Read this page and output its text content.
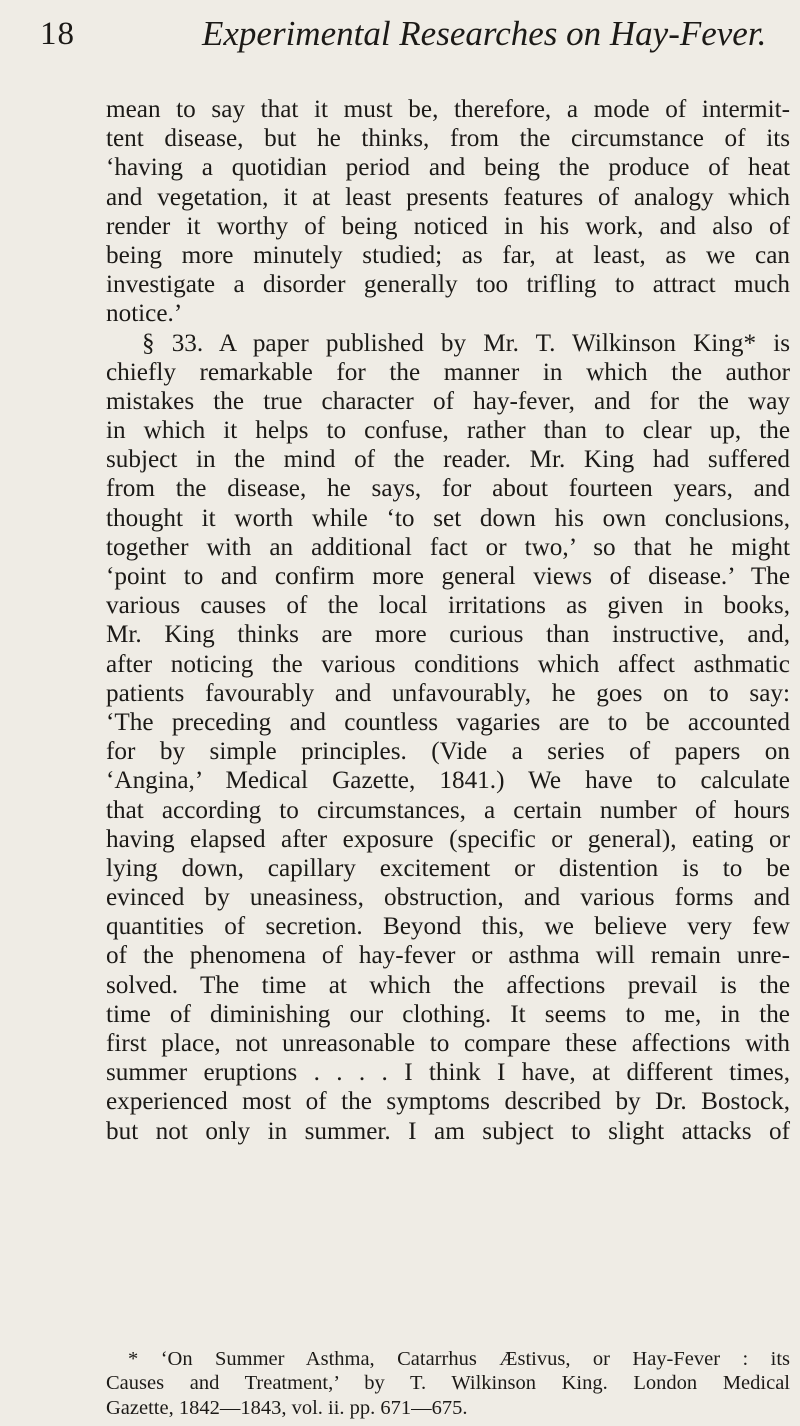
18	Experimental Researches on Hay-Fever.
mean to say that it must be, therefore, a mode of intermit-
tent disease, but he thinks, from the circumstance of its
‘having a quotidian period and being the produce of heat
and vegetation, it at least presents features of analogy which
render it worthy of being noticed in his work, and also of
being more minutely studied; as far, at least, as we can
investigate a disorder generally too trifling to attract much
notice.’
§ 33. A paper published by Mr. T. Wilkinson King* is
chiefly remarkable for the manner in which the author
mistakes the true character of hay-fever, and for the way
in which it helps to confuse, rather than to clear up, the
subject in the mind of the reader. Mr. King had suffered
from the disease, he says, for about fourteen years, and
thought it worth while ‘to set down his own conclusions,
together with an additional fact or two,’ so that he might
‘point to and confirm more general views of disease.’ The
various causes of the local irritations as given in books,
Mr. King thinks are more curious than instructive, and,
after noticing the various conditions which affect asthmatic
patients favourably and unfavourably, he goes on to say:
‘The preceding and countless vagaries are to be accounted
for by simple principles. (Vide a series of papers on
‘Angina,’ Medical Gazette, 1841.) We have to calculate
that according to circumstances, a certain number of hours
having elapsed after exposure (specific or general), eating or
lying down, capillary excitement or distention is to be
evinced by uneasiness, obstruction, and various forms and
quantities of secretion. Beyond this, we believe very few
of the phenomena of hay-fever or asthma will remain unre-
solved. The time at which the affections prevail is the
time of diminishing our clothing. It seems to me, in the
first place, not unreasonable to compare these affections with
summer eruptions . . . . I think I have, at different times,
experienced most of the symptoms described by Dr. Bostock,
but not only in summer. I am subject to slight attacks of
* ‘On Summer Asthma, Catarrhus Æstivus, or Hay-Fever : its
Causes and Treatment,’ by T. Wilkinson King. London Medical
Gazette, 1842—1843, vol. ii. pp. 671—675.
